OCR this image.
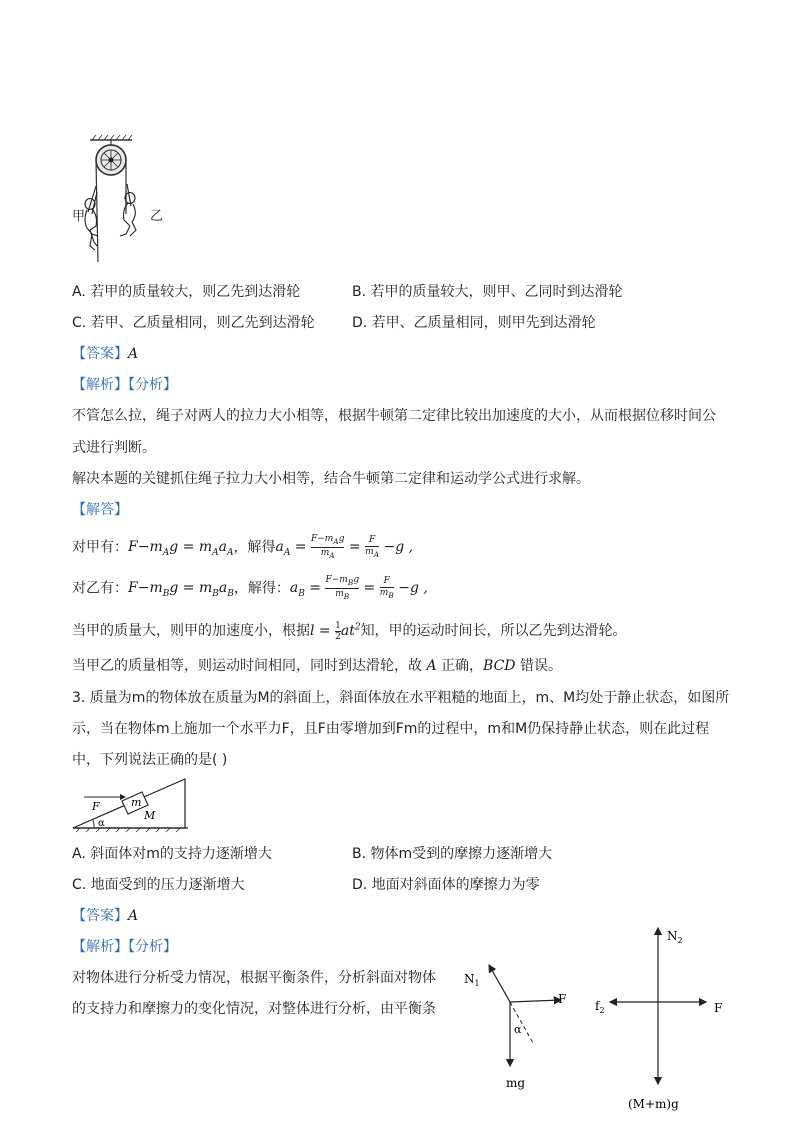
甲	乙
A. 若甲的质量较大，则乙先到达滑轮	B. 若甲的质量较大，则甲、乙同时到达滑轮
C. 若甲、乙质量相同，则乙先到达滑轮	D. 若甲、乙质量相同，则甲先到达滑轮
【答案】A
【解析】【分析】
不管怎么拉，绳子对两人的拉力大小相等，根据牛顿第二定律比较出加速度的大小，从而根据位移时间公
式进行判断。
解决本题的关键抓住绳子拉力大小相等，结合牛顿第二定律和运动学公式进行求解。
【解答】
对甲有：$F-m_Ag = m_Aa_A$，解得$a_A$ =
$F-m_Ag$
$m_A = \frac{F}{m_A} -g$ ,
对乙有：$F-m_Bg = m_Ba_B$，解得：$a_B$ =
$F-m_Bg$
$m_B = \frac{F}{m_B} -g$ ,
当甲的质量大，则甲的加速度小，根据$l = \frac{1}{2} at^2$知，甲的运动时间长，所以乙先到达滑轮。
当甲乙的质量相等，则运动时间相同，同时到达滑轮，故 A 正确，BCD 错误。
3. 质量为m的物体放在质量为M的斜面上，斜面体放在水平粗糙的地面上，m、M均处于静止状态，如图所
示，当在物体m上施加一个水平力F，且F由零增加到Fm的过程中，m和M仍保持静止状态，则在此过程
中，下列说法正确的是( )
F	m
M
α
A. 斜面体对m的支持力逐渐增大	B. 物体m受到的摩擦力逐渐增大
C. 地面受到的压力逐渐增大	D. 地面对斜面体的摩擦力为零
【答案】A
【解析】【分析】
对物体进行分析受力情况，根据平衡条件，分析斜面对物体
的支持力和摩擦力的变化情况，对整体进行分析，由平衡条
$N_1$
F
α
mg
$N_2$
$f_2$	F
(M+m)g
